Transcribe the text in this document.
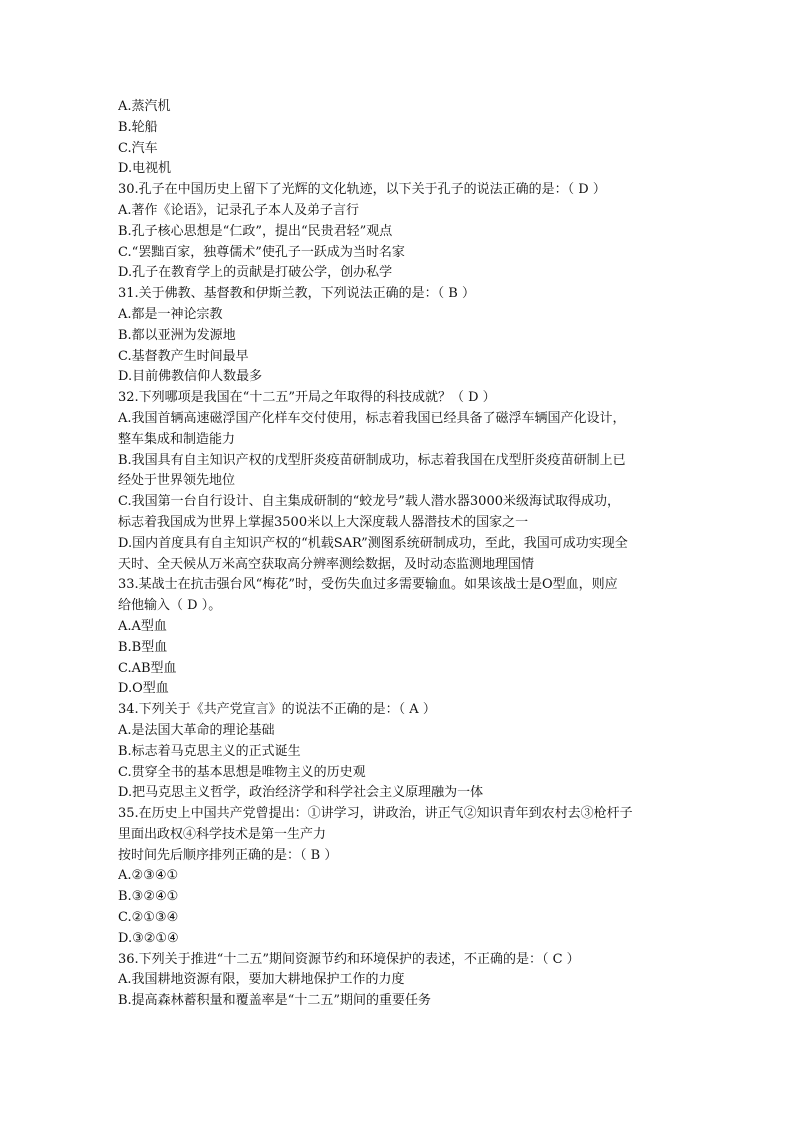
A.蒸汽机
B.轮船
C.汽车
D.电视机
30.孔子在中国历史上留下了光辉的文化轨迹，以下关于孔子的说法正确的是：（ D ）
A.著作《论语》，记录孔子本人及弟子言行
B.孔子核心思想是“仁政”，提出“民贵君轻”观点
C.“罢黜百家，独尊儒术”使孔子一跃成为当时名家
D.孔子在教育学上的贡献是打破公学，创办私学
31.关于佛教、基督教和伊斯兰教，下列说法正确的是：（ B ）
A.都是一神论宗教
B.都以亚洲为发源地
C.基督教产生时间最早
D.目前佛教信仰人数最多
32.下列哪项是我国在“十二五”开局之年取得的科技成就？（ D ）
A.我国首辆高速磁浮国产化样车交付使用，标志着我国已经具备了磁浮车辆国产化设计，
整车集成和制造能力
B.我国具有自主知识产权的戊型肝炎疫苗研制成功，标志着我国在戊型肝炎疫苗研制上已
经处于世界领先地位
C.我国第一台自行设计、自主集成研制的“蛟龙号”载人潜水器3000米级海试取得成功，
标志着我国成为世界上掌握3500米以上大深度载人器潜技术的国家之一
D.国内首度具有自主知识产权的“机载SAR”测图系统研制成功，至此，我国可成功实现全
天时、全天候从万米高空获取高分辨率测绘数据，及时动态监测地理国情
33.某战士在抗击强台风“梅花”时，受伤失血过多需要输血。如果该战士是O型血，则应
给他输入（ D ）。
A.A型血
B.B型血
C.AB型血
D.O型血
34.下列关于《共产党宣言》的说法不正确的是：（ A ）
A.是法国大革命的理论基础
B.标志着马克思主义的正式诞生
C.贯穿全书的基本思想是唯物主义的历史观
D.把马克思主义哲学，政治经济学和科学社会主义原理融为一体
35.在历史上中国共产党曾提出：①讲学习，讲政治，讲正气②知识青年到农村去③枪杆子
里面出政权④科学技术是第一生产力
按时间先后顺序排列正确的是：（ B ）
A.②③④①
B.③②④①
C.②①③④
D.③②①④
36.下列关于推进“十二五”期间资源节约和环境保护的表述，不正确的是：（ C ）
A.我国耕地资源有限，要加大耕地保护工作的力度
B.提高森林蓄积量和覆盖率是“十二五”期间的重要任务
